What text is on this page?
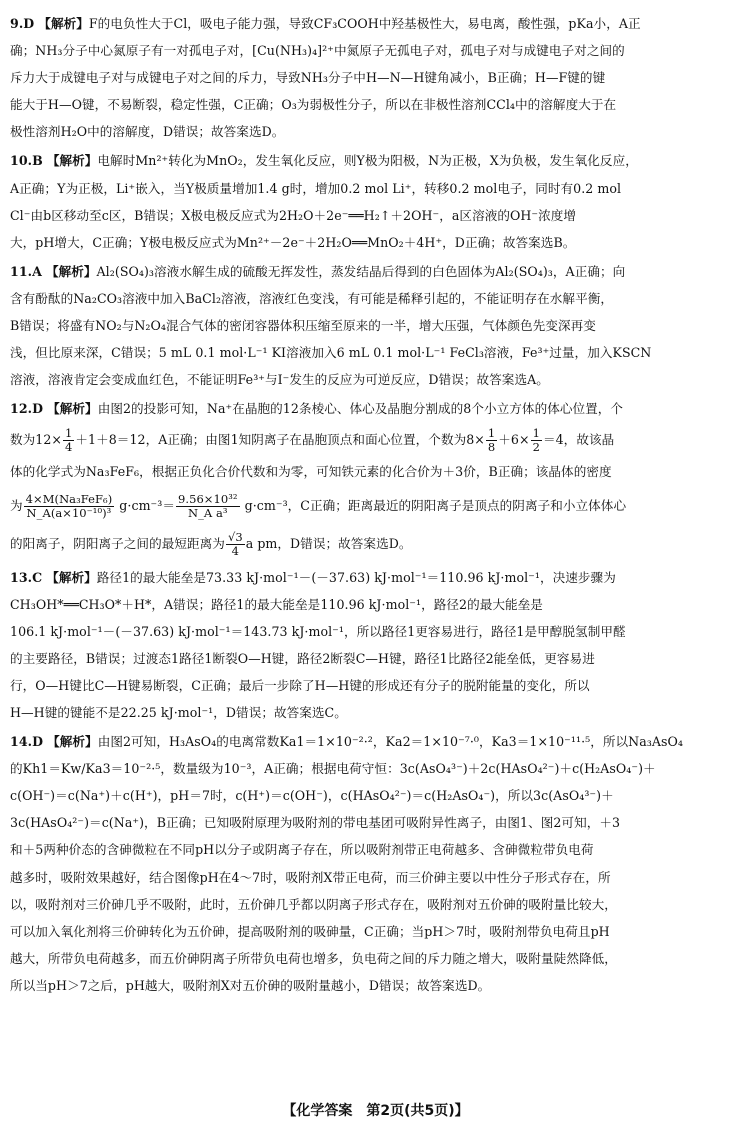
9.D 【解析】F的电负性大于Cl，吸电子能力强，导致CF₃COOH中羟基极性大，易电离，酸性强，pKa小，A正
确；NH₃分子中心氮原子有一对孤电子对，[Cu(NH₃)₄]²⁺中氮原子无孤电子对，孤电子对与成键电子对之间的
斥力大于成键电子对与成键电子对之间的斥力，导致NH₃分子中H—N—H键角减小，B正确；H—F键的键
能大于H—O键，不易断裂，稳定性强，C正确；O₃为弱极性分子，所以在非极性溶剂CCl₄中的溶解度大于在
极性溶剂H₂O中的溶解度，D错误；故答案选D。
10.B 【解析】电解时Mn²⁺转化为MnO₂，发生氧化反应，则Y极为阳极，N为正极，X为负极，发生氧化反应，
A正确；Y为正极，Li⁺嵌入，当Y极质量增加1.4 g时，增加0.2 mol Li⁺，转移0.2 mol电子，同时有0.2 mol
Cl⁻由b区移动至c区，B错误；X极电极反应式为2H₂O＋2e⁻══H₂↑＋2OH⁻，a区溶液的OH⁻浓度增
大，pH增大，C正确；Y极电极反应式为Mn²⁺－2e⁻＋2H₂O══MnO₂＋4H⁺，D正确；故答案选B。
11.A 【解析】Al₂(SO₄)₃溶液水解生成的硫酸无挥发性，蒸发结晶后得到的白色固体为Al₂(SO₄)₃，A正确；向
含有酚酞的Na₂CO₃溶液中加入BaCl₂溶液，溶液红色变浅，有可能是稀释引起的，不能证明存在水解平衡，
B错误；将盛有NO₂与N₂O₄混合气体的密闭容器体积压缩至原来的一半，增大压强，气体颜色先变深再变
浅，但比原来深，C错误；5 mL 0.1 mol·L⁻¹ KI溶液加入6 mL 0.1 mol·L⁻¹ FeCl₃溶液，Fe³⁺过量，加入KSCN
溶液，溶液肯定会变成血红色，不能证明Fe³⁺与I⁻发生的反应为可逆反应，D错误；故答案选A。
12.D 【解析】由图2的投影可知，Na⁺在晶胞的12条棱心、体心及晶胞分割成的8个小立方体的体心位置，个
数为$12\times \frac{1}{4} +1+8=12$，A正确；由图1知阴离子在晶胞顶点和面心位置，个数为$8\times \frac{1}{8} +6\times \frac{1}{2} =4$，故该晶
体的化学式为Na₃FeF₆，根据正负化合价代数和为零，可知铁元素的化合价为＋3价，B正确；该晶体的密度
为 $\frac{\text{4×M(Na₃FeF₆)}}{\text{N\_A(a×10⁻¹⁰)³}} g\cdot cm^{-3}= \frac{\text{9.56×10³²}}{\text{N\_A a³}} g\cdot cm^{-3}$，C正确；距离最近的阴阳离子是顶点的阴离子和小立体体心
的阳离子，阴阳离子之间的最短距离为 $\frac{√3}{4}$ a pm，D错误；故答案选D。
13.C 【解析】路径1的最大能垒是73.33 kJ·mol⁻¹－(－37.63) kJ·mol⁻¹＝110.96 kJ·mol⁻¹，决速步骤为
CH₃OH*══CH₃O*＋H*，A错误；路径1的最大能垒是110.96 kJ·mol⁻¹，路径2的最大能垒是
106.1 kJ·mol⁻¹－(－37.63) kJ·mol⁻¹＝143.73 kJ·mol⁻¹，所以路径1更容易进行，路径1是甲醇脱氢制甲醛
的主要路径，B错误；过渡态1路径1断裂O—H键，路径2断裂C—H键，路径1比路径2能垒低，更容易进
行，O—H键比C—H键易断裂，C正确；最后一步除了H—H键的形成还有分子的脱附能量的变化，所以
H—H键的键能不是22.25 kJ·mol⁻¹，D错误；故答案选C。
14.D 【解析】由图2可知，H₃AsO₄的电离常数Ka1＝1×10⁻²·²，Ka2＝1×10⁻⁷·⁰，Ka3＝1×10⁻¹¹·⁵，所以Na₃AsO₄
的Kh1＝Kw/Ka3＝10⁻²·⁵，数量级为10⁻³，A正确；根据电荷守恒：3c(AsO₄³⁻)＋2c(HAsO₄²⁻)＋c(H₂AsO₄⁻)＋
c(OH⁻)＝c(Na⁺)＋c(H⁺)，pH＝7时，c(H⁺)＝c(OH⁻)，c(HAsO₄²⁻)＝c(H₂AsO₄⁻)，所以3c(AsO₄³⁻)＋
3c(HAsO₄²⁻)＝c(Na⁺)，B正确；已知吸附原理为吸附剂的带电基团可吸附异性离子，由图1、图2可知，＋3
和＋5两种价态的含砷微粒在不同pH以分子或阴离子存在，所以吸附剂带正电荷越多、含砷微粒带负电荷
越多时，吸附效果越好，结合图像pH在4～7时，吸附剂X带正电荷，而三价砷主要以中性分子形式存在，所
以，吸附剂对三价砷几乎不吸附，此时，五价砷几乎都以阴离子形式存在，吸附剂对五价砷的吸附量比较大，
可以加入氧化剂将三价砷转化为五价砷，提高吸附剂的吸砷量，C正确；当pH＞7时，吸附剂带负电荷且pH
越大，所带负电荷越多，而五价砷阴离子所带负电荷也增多，负电荷之间的斥力随之增大，吸附量陡然降低，
所以当pH＞7之后，pH越大，吸附剂X对五价砷的吸附量越小，D错误；故答案选D。
【化学答案　第2页(共5页)】
